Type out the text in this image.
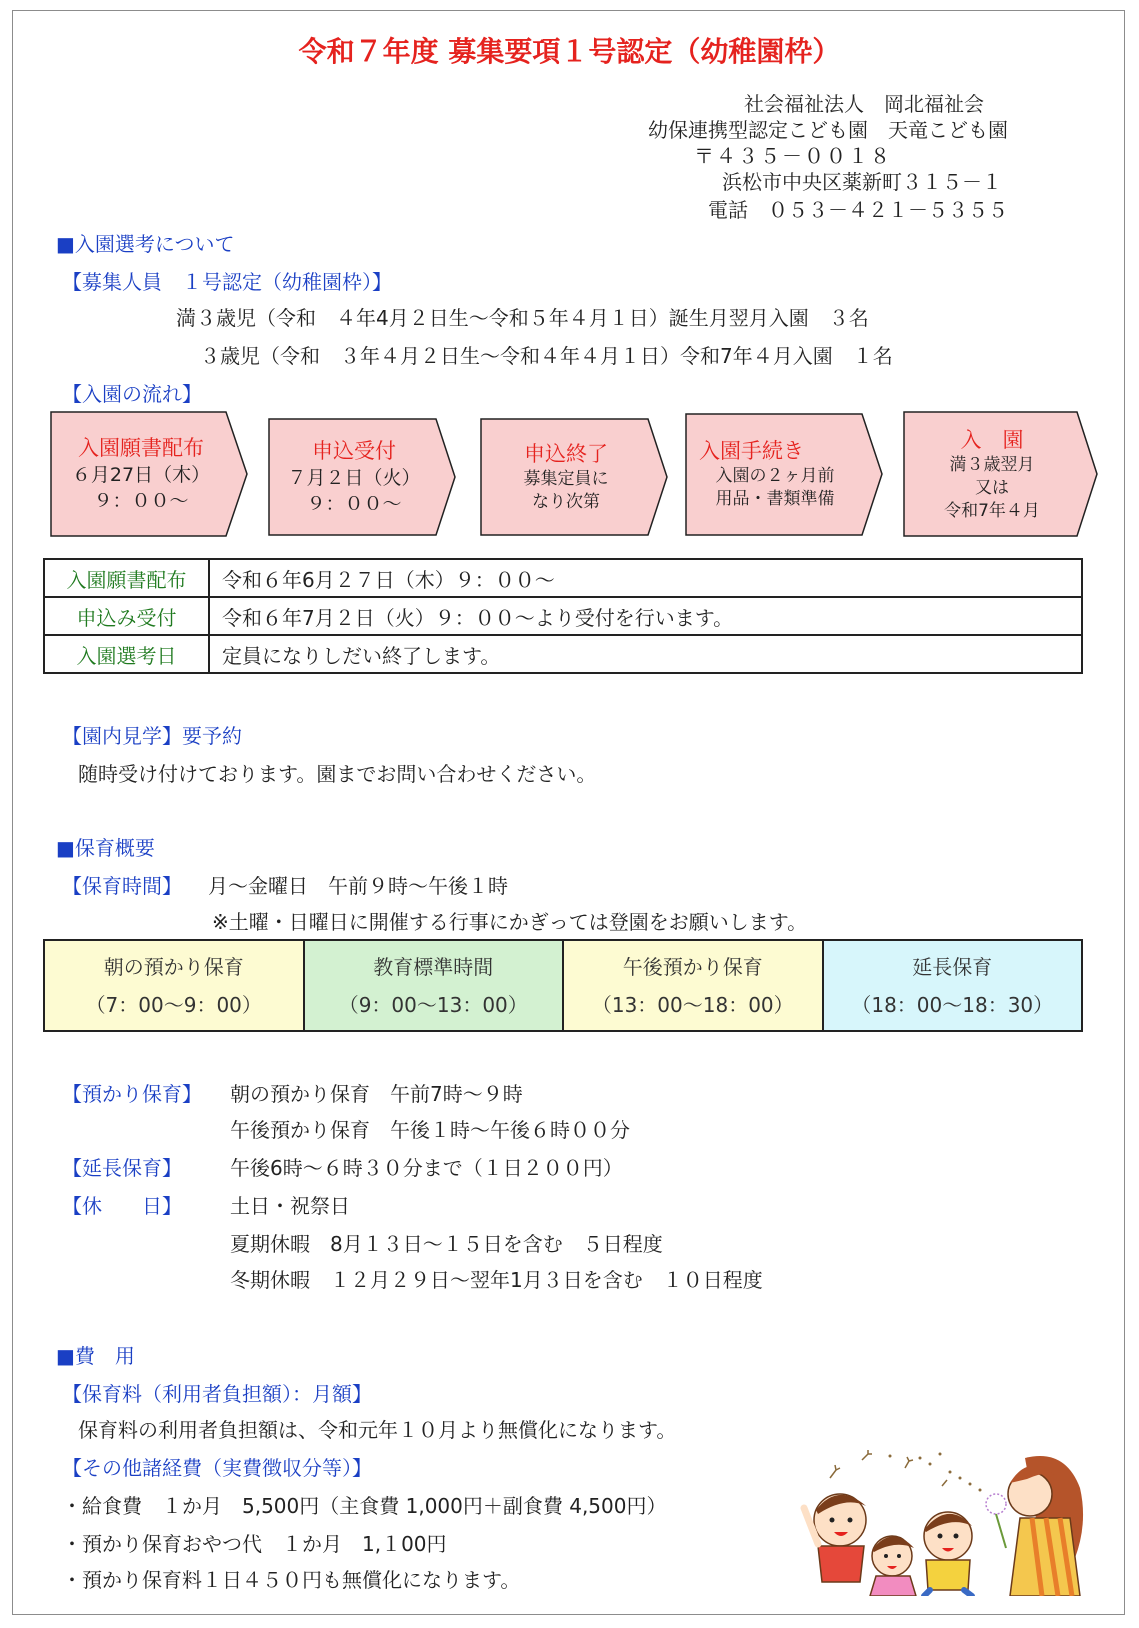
令和７年度 募集要項１号認定（幼稚園枠）
社会福祉法人　岡北福祉会
幼保連携型認定こども園　天竜こども園
〒４３５－００１８
浜松市中央区薬新町３１５－１
電話　０５３－４２１－５３５５
■入園選考について
【募集人員　１号認定（幼稚園枠）】
満３歳児（令和　４年4月２日生～令和５年４月１日）誕生月翌月入園　３名
３歳児（令和　３年４月２日生～令和４年４月１日）令和7年４月入園　１名
【入園の流れ】
入園願書配布
６月27日（木）
９：００～
申込受付
７月２日（火）
９：００～
申込終了
募集定員に
なり次第
入園手続き
入園の２ヶ月前
用品・書類準備
入　園
満３歳翌月
又は
令和7年４月
入園願書配布	令和６年6月２７日（木）９：００～
申込み受付	令和６年7月２日（火）９：００～より受付を行います。
入園選考日	定員になりしだい終了します。
【園内見学】要予約
随時受け付けております。園までお問い合わせください。
■保育概要
【保育時間】 月～金曜日　午前９時～午後１時
※土曜・日曜日に開催する行事にかぎっては登園をお願いします。
朝の預かり保育
（7：00～9：00）

教育標準時間
（9：00～13：00）

午後預かり保育
（13：00～18：00）

延長保育
（18：00～18：30）
【預かり保育】 朝の預かり保育　午前7時～９時
午後預かり保育　午後１時～午後６時００分
【延長保育】 午後6時～６時３０分まで（１日２００円）
【休　　日】 土日・祝祭日
夏期休暇　8月１３日～１５日を含む　５日程度
冬期休暇　１２月２９日～翌年1月３日を含む　１０日程度
■費　用
【保育料（利用者負担額）：月額】
保育料の利用者負担額は、令和元年１０月より無償化になります。
【その他諸経費（実費徴収分等）】
・給食費　１か月　5,500円（主食費 1,000円＋副食費 4,500円）
・預かり保育おやつ代　１か月　1,１00円
・預かり保育料１日４５０円も無償化になります。
